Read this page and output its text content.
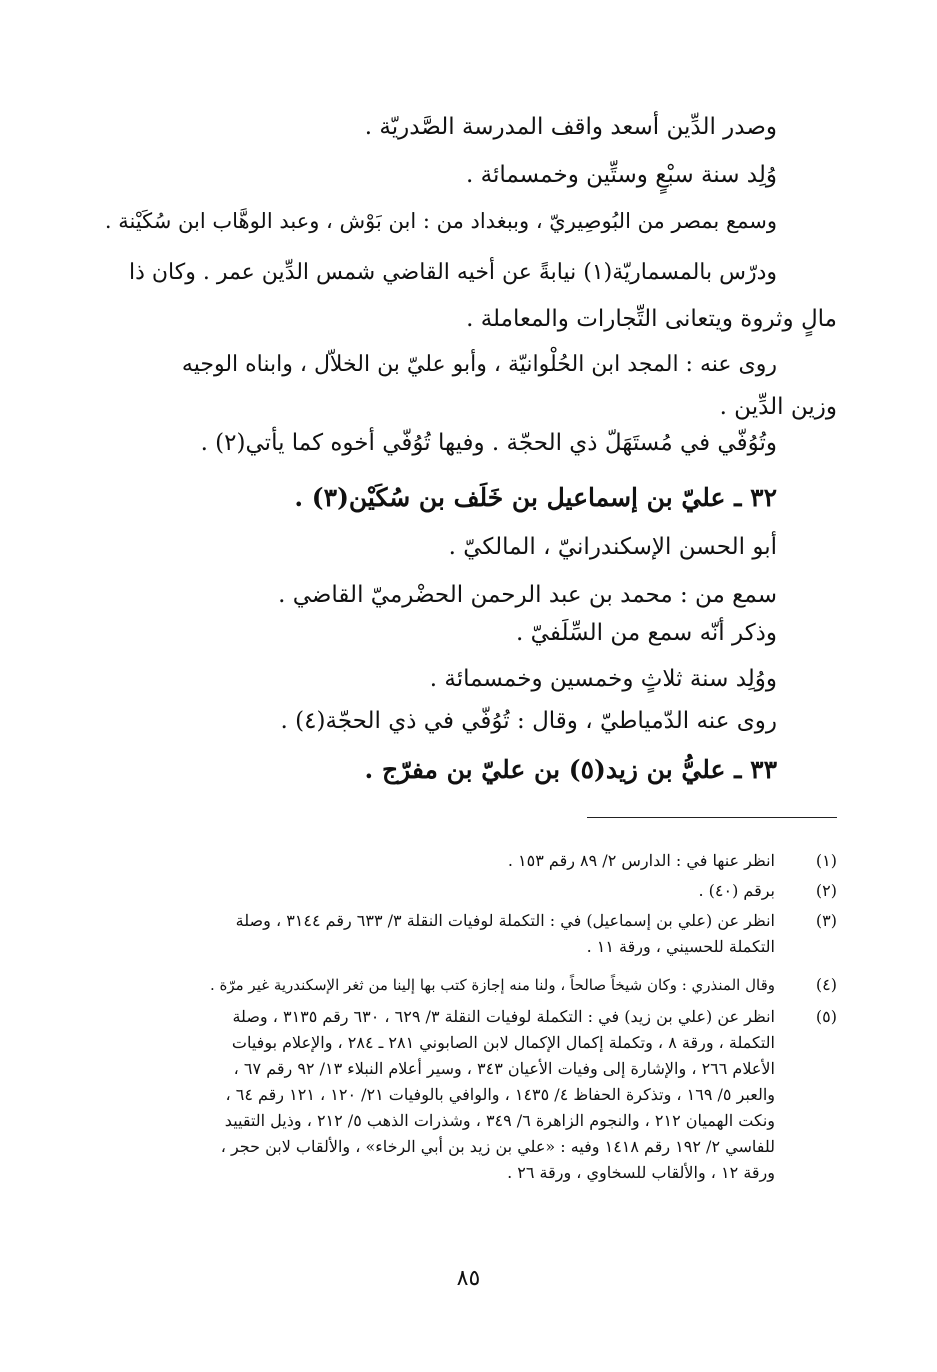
وصدر الدِّين أسعد واقف المدرسة الصَّدريّة .
وُلِد سنة سبْعٍ وستِّين وخمسمائة .
وسمع بمصر من البُوصِيريّ ، وببغداد من : ابن بَوْش ، وعبد الوهَّاب ابن سُكَيْنة .
ودرّس بالمسماريّة(١) نيابةً عن أخيه القاضي شمس الدِّين عمر . وكان ذا
مالٍ وثروة ويتعانى التِّجارات والمعاملة .
روى عنه : المجد ابن الحُلْوانيّة ، وأبو عليّ بن الخلاّل ، وابناه الوجيه
وزين الدِّين .
وتُوُفّي في مُستَهَلّ ذي الحجّة . وفيها تُوُفّي أخوه كما يأتي(٢) .
٣٢ ـ عليّ بن إسماعيل بن خَلَف بن سُكَيْن(٣) .
أبو الحسن الإسكندرانيّ ، المالكيّ .
سمع من : محمد بن عبد الرحمن الحضْرميّ القاضي .
وذكر أنّه سمع من السِّلَفيّ .
ووُلِد سنة ثلاثٍ وخمسين وخمسمائة .
روى عنه الدّمياطيّ ، وقال : تُوُفّي في ذي الحجّة(٤) .
٣٣ ـ عليُّ بن زيد(٥) بن عليّ بن مفرّج .
(١)
انظر عنها في : الدارس ٢/ ٨٩ رقم ١٥٣ .
(٢)
برقم (٤٠) .
(٣)
انظر عن (علي بن إسماعيل) في : التكملة لوفيات النقلة ٣/ ٦٣٣ رقم ٣١٤٤ ، وصلة
التكملة للحسيني ، ورقة ١١ .
(٤)
وقال المنذري : وكان شيخاً صالحاً ، ولنا منه إجازة كتب بها إلينا من ثغر الإسكندرية غير مرّة .
(٥)
انظر عن (علي بن زيد) في : التكملة لوفيات النقلة ٣/ ٦٢٩ ، ٦٣٠ رقم ٣١٣٥ ، وصلة
التكملة ، ورقة ٨ ، وتكملة إكمال الإكمال لابن الصابوني ٢٨١ ـ ٢٨٤ ، والإعلام بوفيات
الأعلام ٢٦٦ ، والإشارة إلى وفيات الأعيان ٣٤٣ ، وسير أعلام النبلاء ١٣/ ٩٢ رقم ٦٧ ،
والعبر ٥/ ١٦٩ ، وتذكرة الحفاظ ٤/ ١٤٣٥ ، والوافي بالوفيات ٢١/ ١٢٠ ، ١٢١ رقم ٦٤ ،
ونكت الهميان ٢١٢ ، والنجوم الزاهرة ٦/ ٣٤٩ ، وشذرات الذهب ٥/ ٢١٢ ، وذيل التقييد
للفاسي ٢/ ١٩٢ رقم ١٤١٨ وفيه : «علي بن زيد بن أبي الرخاء» ، والألقاب لابن حجر ،
ورقة ١٢ ، والألقاب للسخاوي ، ورقة ٢٦ .
٨٥
